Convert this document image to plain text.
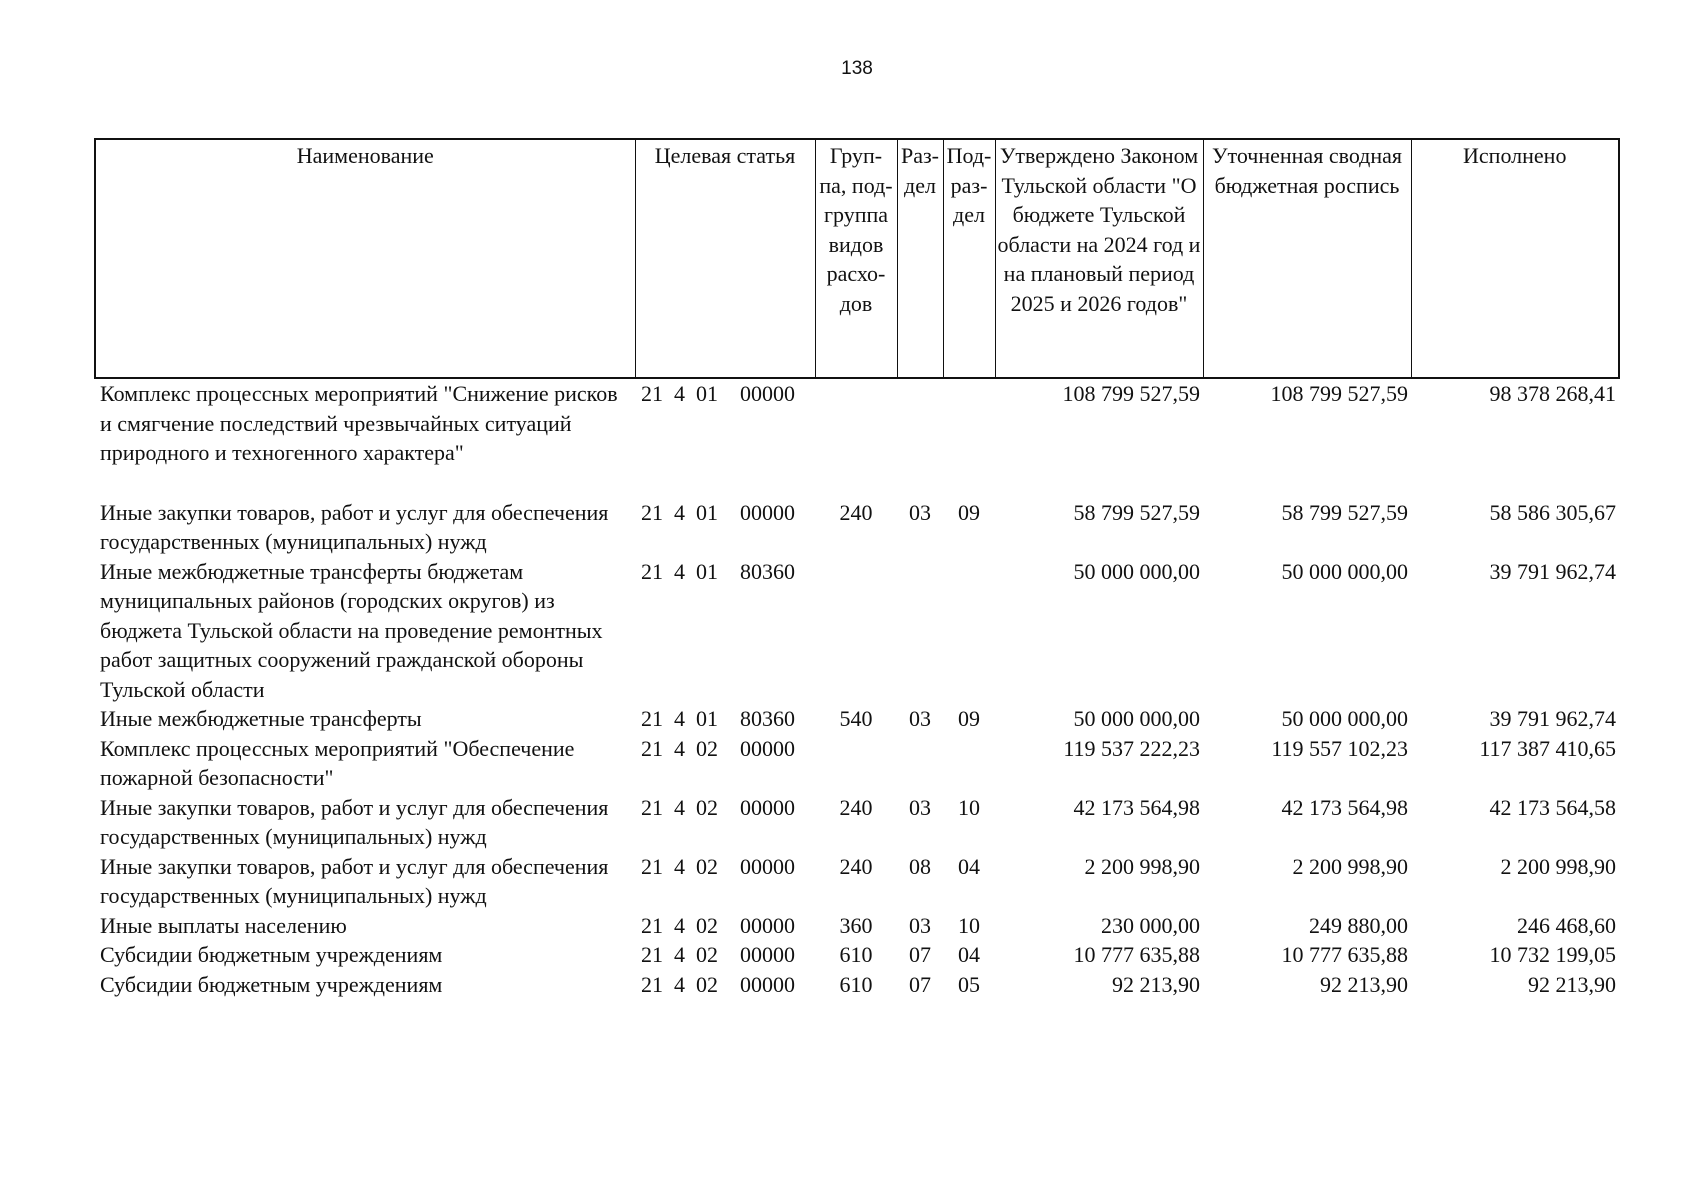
138
Наименование	Целевая статья	Груп-па, под-группа видов расхо-дов	Раз-дел	Под-раз-дел	Утверждено Законом Тульской области "О бюджете Тульской области на 2024 год и на плановый период 2025 и 2026 годов"	Уточненная сводная бюджетная роспись	Исполнено
Комплекс процессных мероприятий "Снижение рисков и смягчение последствий чрезвычайных ситуаций природного и техногенного характера"	21  4  01    00000				108 799 527,59	108 799 527,59	98 378 268,41
Иные закупки товаров, работ и услуг для обеспечения государственных (муниципальных) нужд	21  4  01    00000	240	03	09	58 799 527,59	58 799 527,59	58 586 305,67
Иные межбюджетные трансферты бюджетам муниципальных районов (городских округов) из бюджета Тульской области на проведение ремонтных работ защитных сооружений гражданской обороны Тульской области	21  4  01    80360				50 000 000,00	50 000 000,00	39 791 962,74
Иные межбюджетные трансферты	21  4  01    80360	540	03	09	50 000 000,00	50 000 000,00	39 791 962,74
Комплекс процессных мероприятий "Обеспечение пожарной безопасности"	21  4  02    00000				119 537 222,23	119 557 102,23	117 387 410,65
Иные закупки товаров, работ и услуг для обеспечения государственных (муниципальных) нужд	21  4  02    00000	240	03	10	42 173 564,98	42 173 564,98	42 173 564,58
Иные закупки товаров, работ и услуг для обеспечения государственных (муниципальных) нужд	21  4  02    00000	240	08	04	2 200 998,90	2 200 998,90	2 200 998,90
Иные выплаты населению	21  4  02    00000	360	03	10	230 000,00	249 880,00	246 468,60
Субсидии бюджетным учреждениям	21  4  02    00000	610	07	04	10 777 635,88	10 777 635,88	10 732 199,05
Субсидии бюджетным учреждениям	21  4  02    00000	610	07	05	92 213,90	92 213,90	92 213,90
